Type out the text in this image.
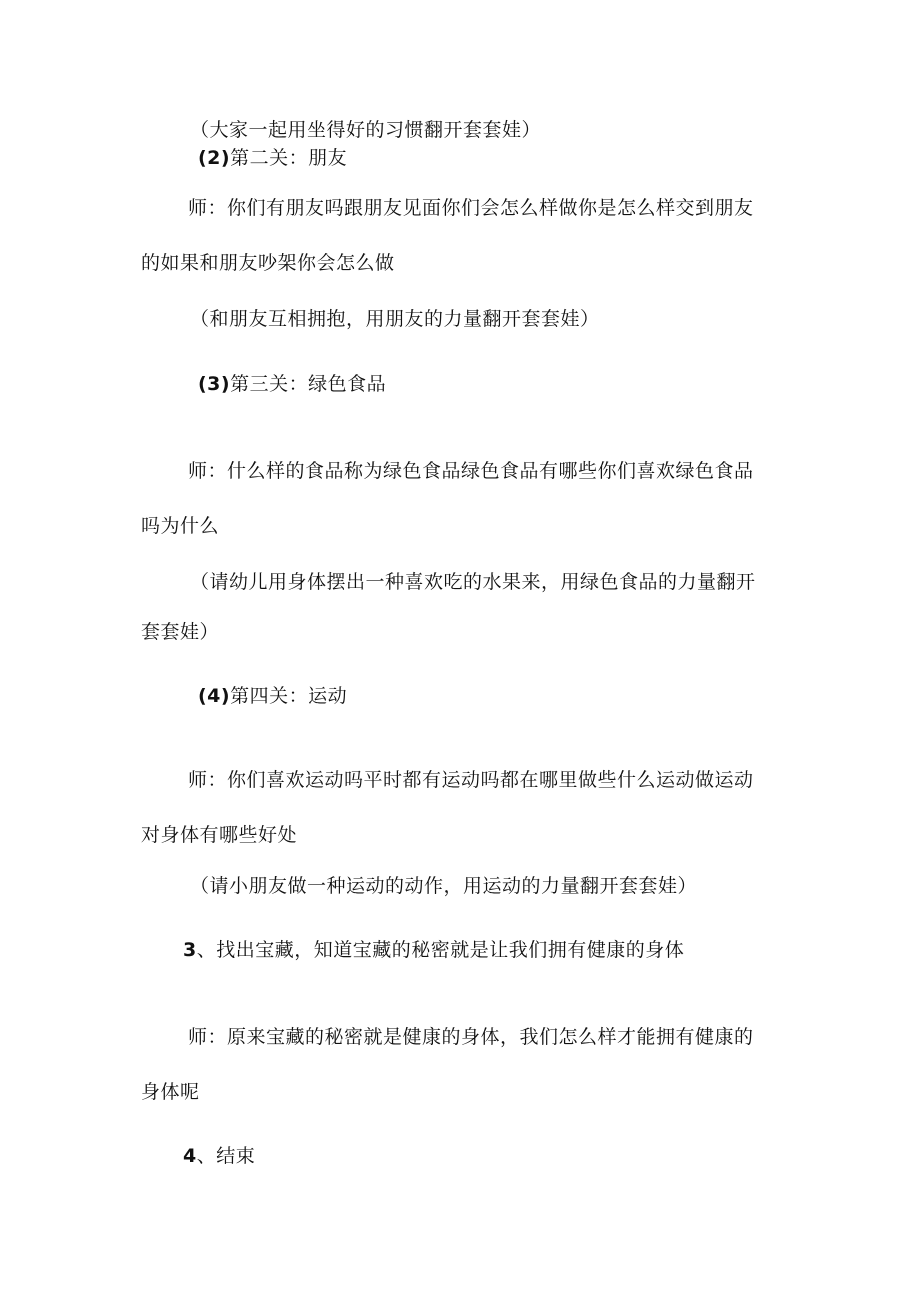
（大家一起用坐得好的习惯翻开套套娃）

(2)第二关：朋友

师：你们有朋友吗跟朋友见面你们会怎么样做你是怎么样交到朋友

的如果和朋友吵架你会怎么做

（和朋友互相拥抱，用朋友的力量翻开套套娃）

(3)第三关：绿色食品

师：什么样的食品称为绿色食品绿色食品有哪些你们喜欢绿色食品

吗为什么

（请幼儿用身体摆出一种喜欢吃的水果来，用绿色食品的力量翻开

套套娃）

(4)第四关：运动

师：你们喜欢运动吗平时都有运动吗都在哪里做些什么运动做运动

对身体有哪些好处

（请小朋友做一种运动的动作，用运动的力量翻开套套娃）

3、找出宝藏，知道宝藏的秘密就是让我们拥有健康的身体

师：原来宝藏的秘密就是健康的身体，我们怎么样才能拥有健康的

身体呢

4、结束
